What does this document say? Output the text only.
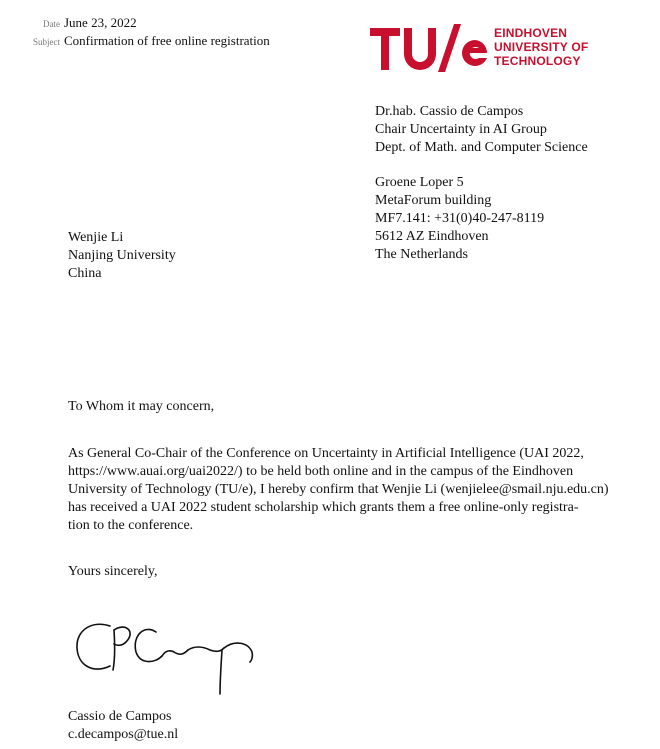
Date June 23, 2022
Subject Confirmation of free online registration	EINDHOVEN
UNIVERSITY OF
TECHNOLOGY
Dr.hab. Cassio de Campos
Chair Uncertainty in AI Group
Dept. of Math. and Computer Science
Groene Loper 5
MetaForum building
MF7.141: +31(0)40-247-8119
5612 AZ Eindhoven
The Netherlands
Wenjie Li
Nanjing University
China
To Whom it may concern,
As General Co-Chair of the Conference on Uncertainty in Artificial Intelligence (UAI 2022,
https://www.auai.org/uai2022/) to be held both online and in the campus of the Eindhoven
University of Technology (TU/e), I hereby confirm that Wenjie Li (wenjielee@smail.nju.edu.cn)
has received a UAI 2022 student scholarship which grants them a free online-only registra-
tion to the conference.
Yours sincerely,
Cassio de Campos
c.decampos@tue.nl
